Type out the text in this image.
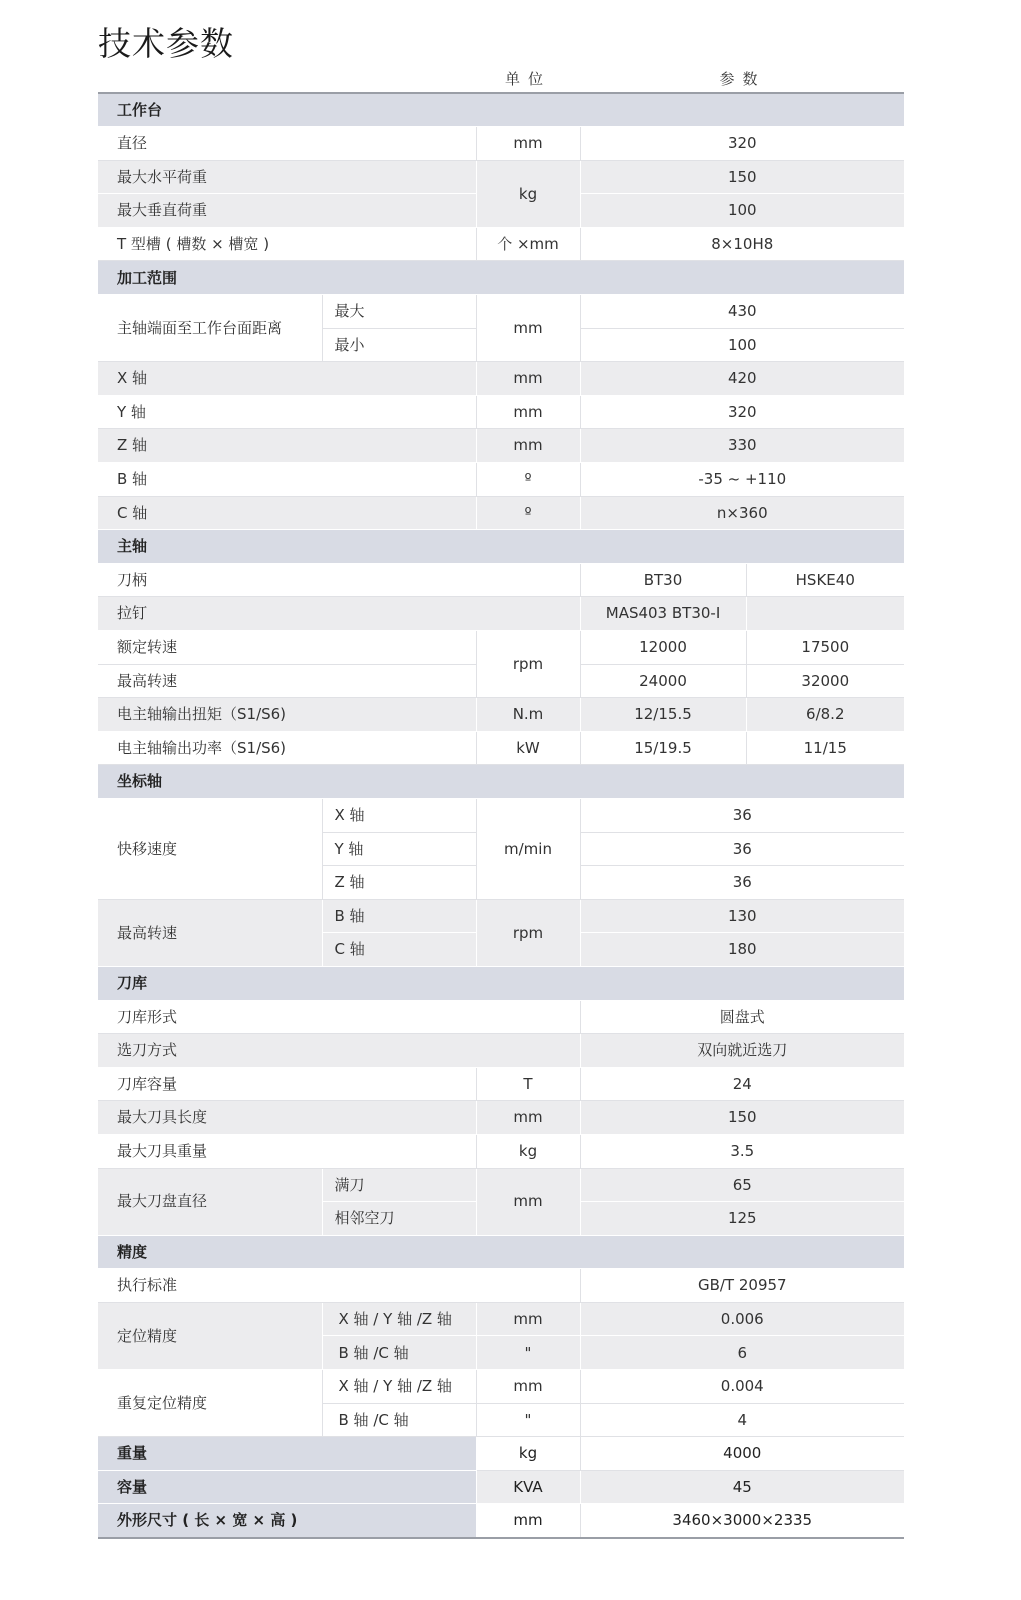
技术参数
单位	参数
工作台				
直径		mm	320	
最大水平荷重		kg	150	
最大垂直荷重			100	
T 型槽 ( 槽数 × 槽宽 )		个 ×mm	8×10H8	
加工范围				
主轴端面至工作台面距离	最大	mm	430	
	最小		100	
X 轴		mm	420	
Y 轴		mm	320	
Z 轴		mm	330	
B 轴		º	-35 ~ +110	
C 轴		º	n×360	
主轴				
刀柄			BT30	HSKE40
拉钉			MAS403 BT30-I	
额定转速		rpm	12000	17500
最高转速			24000	32000
电主轴输出扭矩（S1/S6)		N.m	12/15.5	6/8.2
电主轴输出功率（S1/S6)		kW	15/19.5	11/15
坐标轴				
快移速度	X 轴	m/min	36	
	Y 轴		36	
	Z 轴		36	
最高转速	B 轴	rpm	130	
	C 轴		180	
刀库				
刀库形式			圆盘式	
选刀方式			双向就近选刀	
刀库容量		T	24	
最大刀具长度		mm	150	
最大刀具重量		kg	3.5	
最大刀盘直径	满刀	mm	65	
	相邻空刀		125	
精度				
执行标准			GB/T 20957	
定位精度	X 轴 / Y 轴 /Z 轴	mm	0.006	
	B 轴 /C 轴	"	6	
重复定位精度	X 轴 / Y 轴 /Z 轴	mm	0.004	
	B 轴 /C 轴	"	4	
重量		kg	4000	
容量		KVA	45	
外形尺寸 ( 长 × 宽 × 高 )		mm	3460×3000×2335	
